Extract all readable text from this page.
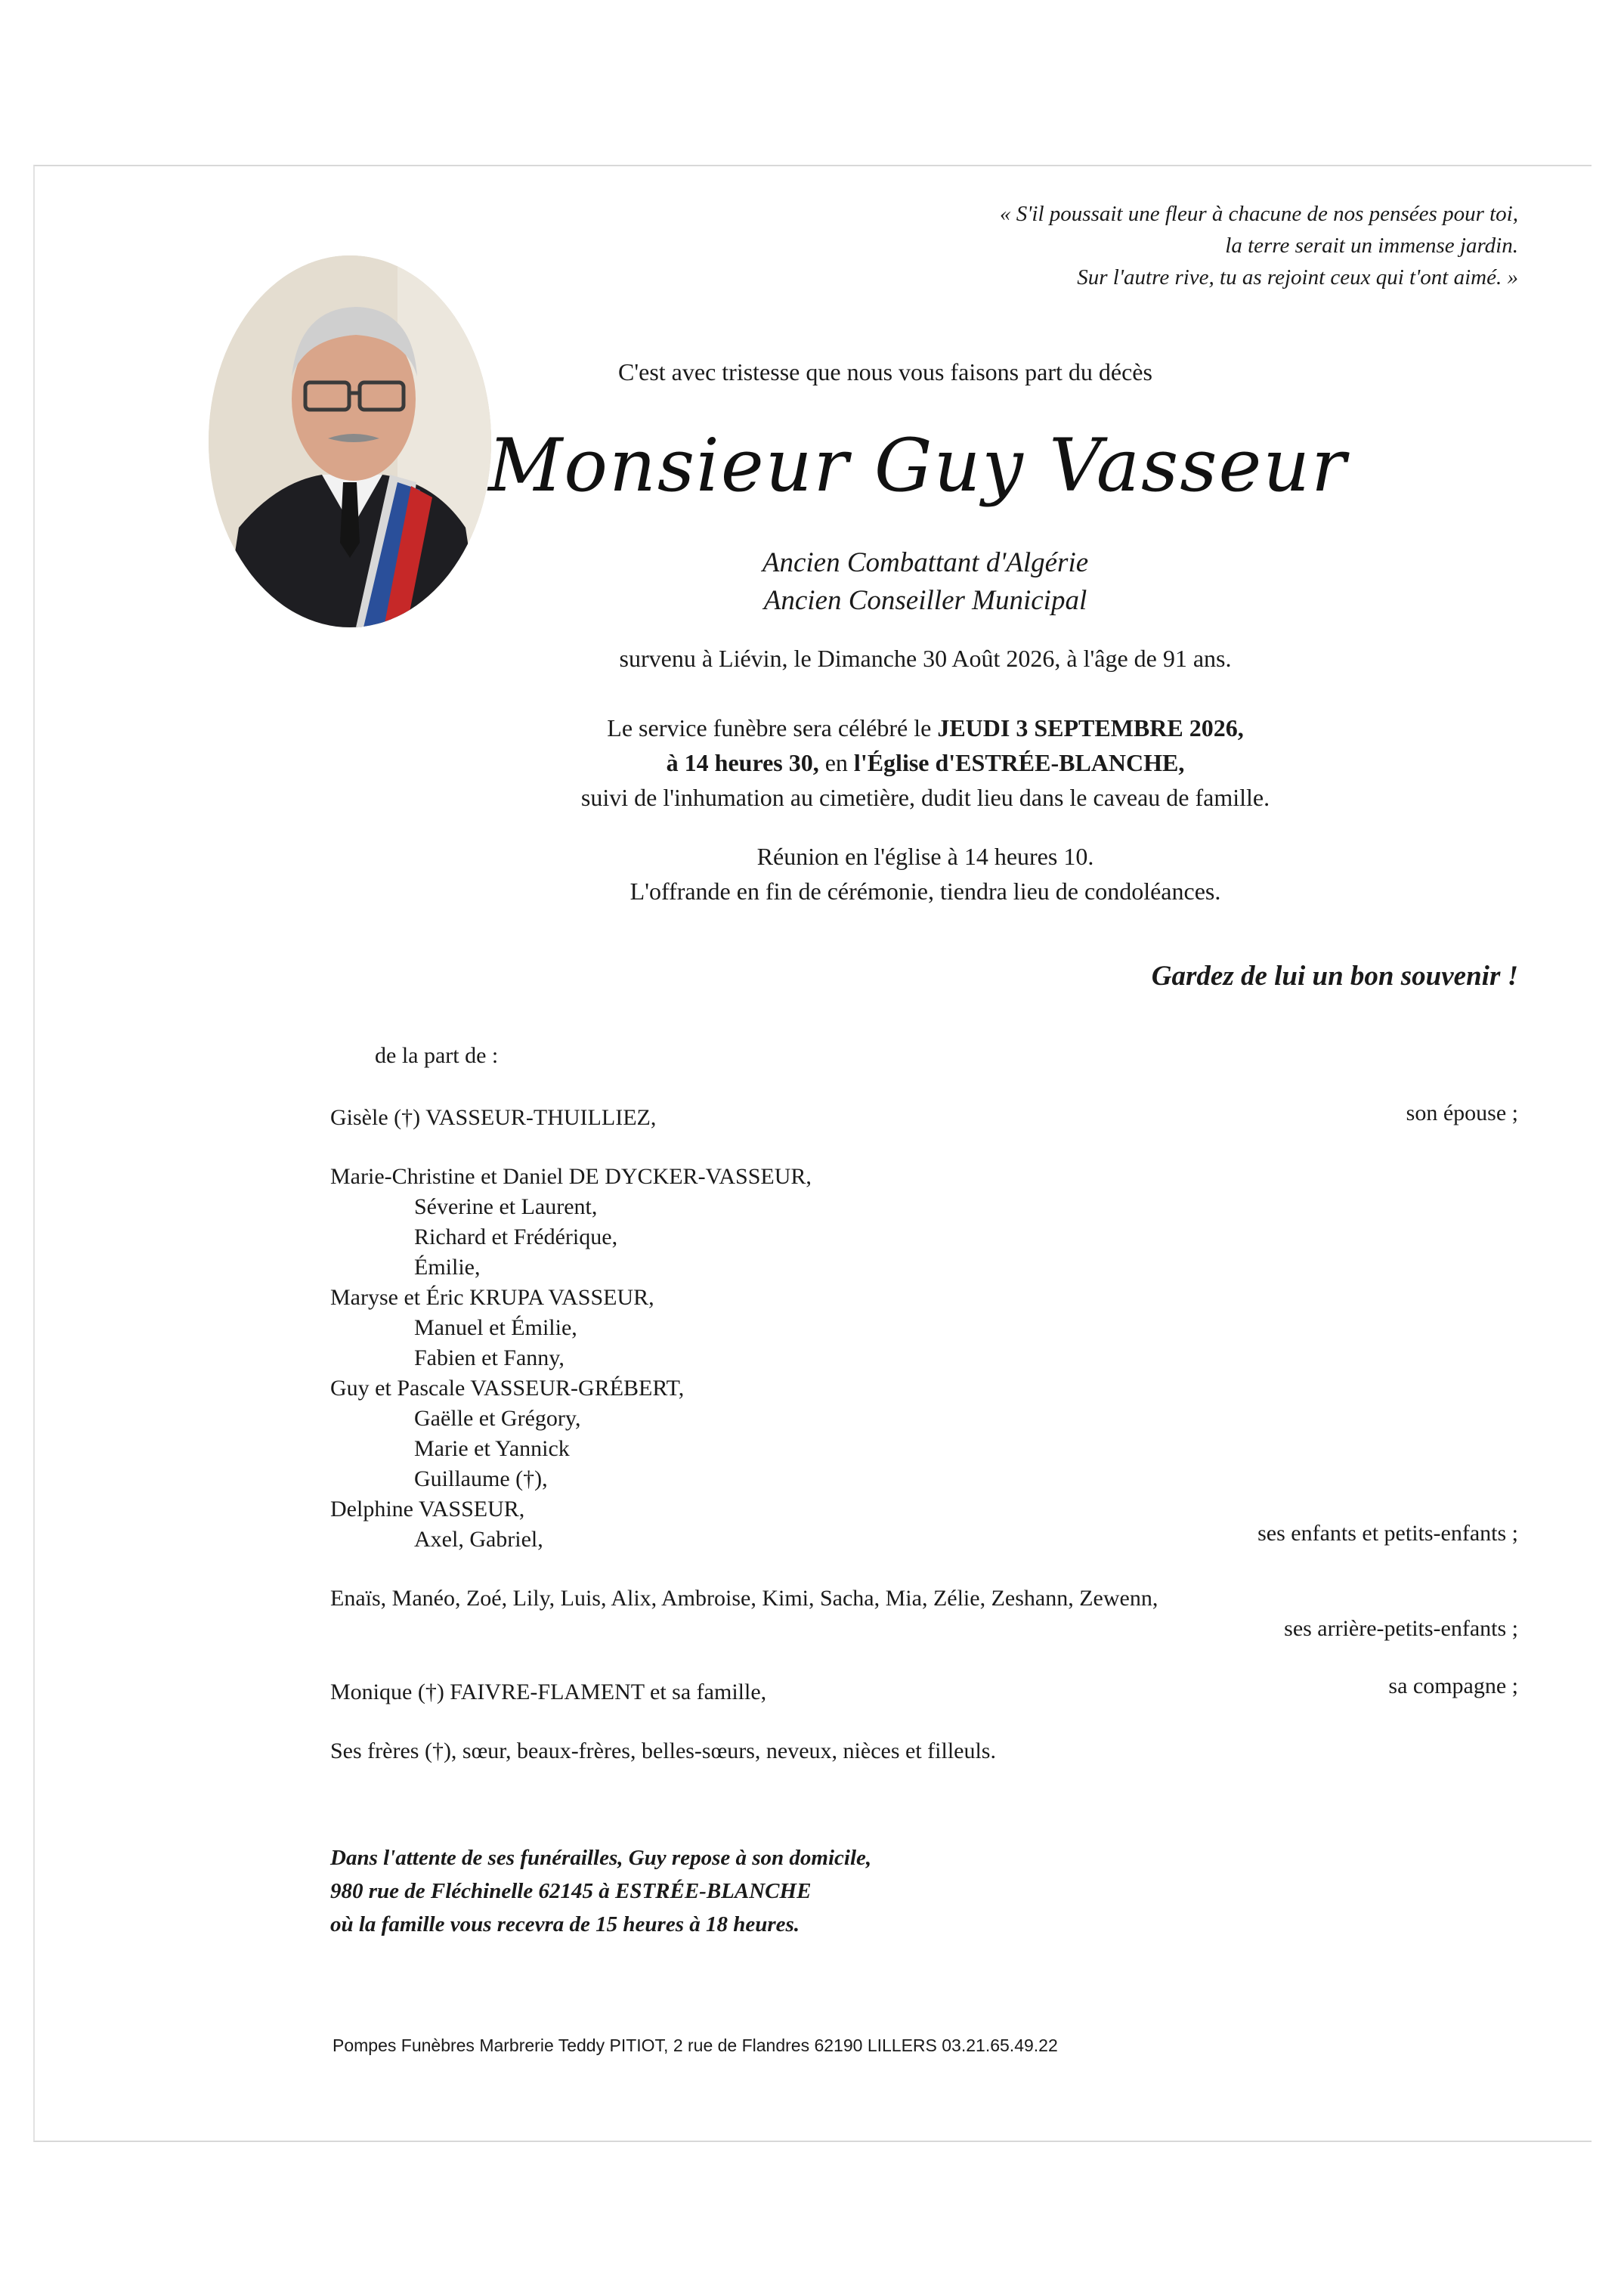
« S'il poussait une fleur à chacune de nos pensées pour toi,
la terre serait un immense jardin.
Sur l'autre rive, tu as rejoint ceux qui t'ont aimé. »
C'est avec tristesse que nous vous faisons part du décès
Monsieur Guy Vasseur
Ancien Combattant d'Algérie
Ancien Conseiller Municipal
survenu à Liévin, le Dimanche 30 Août 2026, à l'âge de 91 ans.
Le service funèbre sera célébré le JEUDI 3 SEPTEMBRE 2026,
à 14 heures 30, en l'Église d'ESTRÉE-BLANCHE,
suivi de l'inhumation au cimetière, dudit lieu dans le caveau de famille.
Réunion en l'église à 14 heures 10.
L'offrande en fin de cérémonie, tiendra lieu de condoléances.
Gardez de lui un bon souvenir !
de la part de :
Gisèle (†) VASSEUR-THUILLIEZ,	son épouse ;
Marie-Christine et Daniel DE DYCKER-VASSEUR,
Séverine et Laurent,
Richard et Frédérique,
Émilie,
Maryse et Éric KRUPA VASSEUR,
Manuel et Émilie,
Fabien et Fanny,
Guy et Pascale VASSEUR-GRÉBERT,
Gaëlle et Grégory,
Marie et Yannick
Guillaume (†),
Delphine VASSEUR,
Axel, Gabriel,	ses enfants et petits-enfants ;
Enaïs, Manéo, Zoé, Lily, Luis, Alix, Ambroise, Kimi, Sacha, Mia, Zélie, Zeshann, Zewenn,
ses arrière-petits-enfants ;
Monique (†) FAIVRE-FLAMENT et sa famille,	sa compagne ;
Ses frères (†), sœur, beaux-frères, belles-sœurs, neveux, nièces et filleuls.
Dans l'attente de ses funérailles, Guy repose à son domicile,
980 rue de Fléchinelle 62145 à ESTRÉE-BLANCHE
où la famille vous recevra de 15 heures à 18 heures.
Pompes Funèbres Marbrerie Teddy PITIOT, 2 rue de Flandres 62190 LILLERS 03.21.65.49.22
